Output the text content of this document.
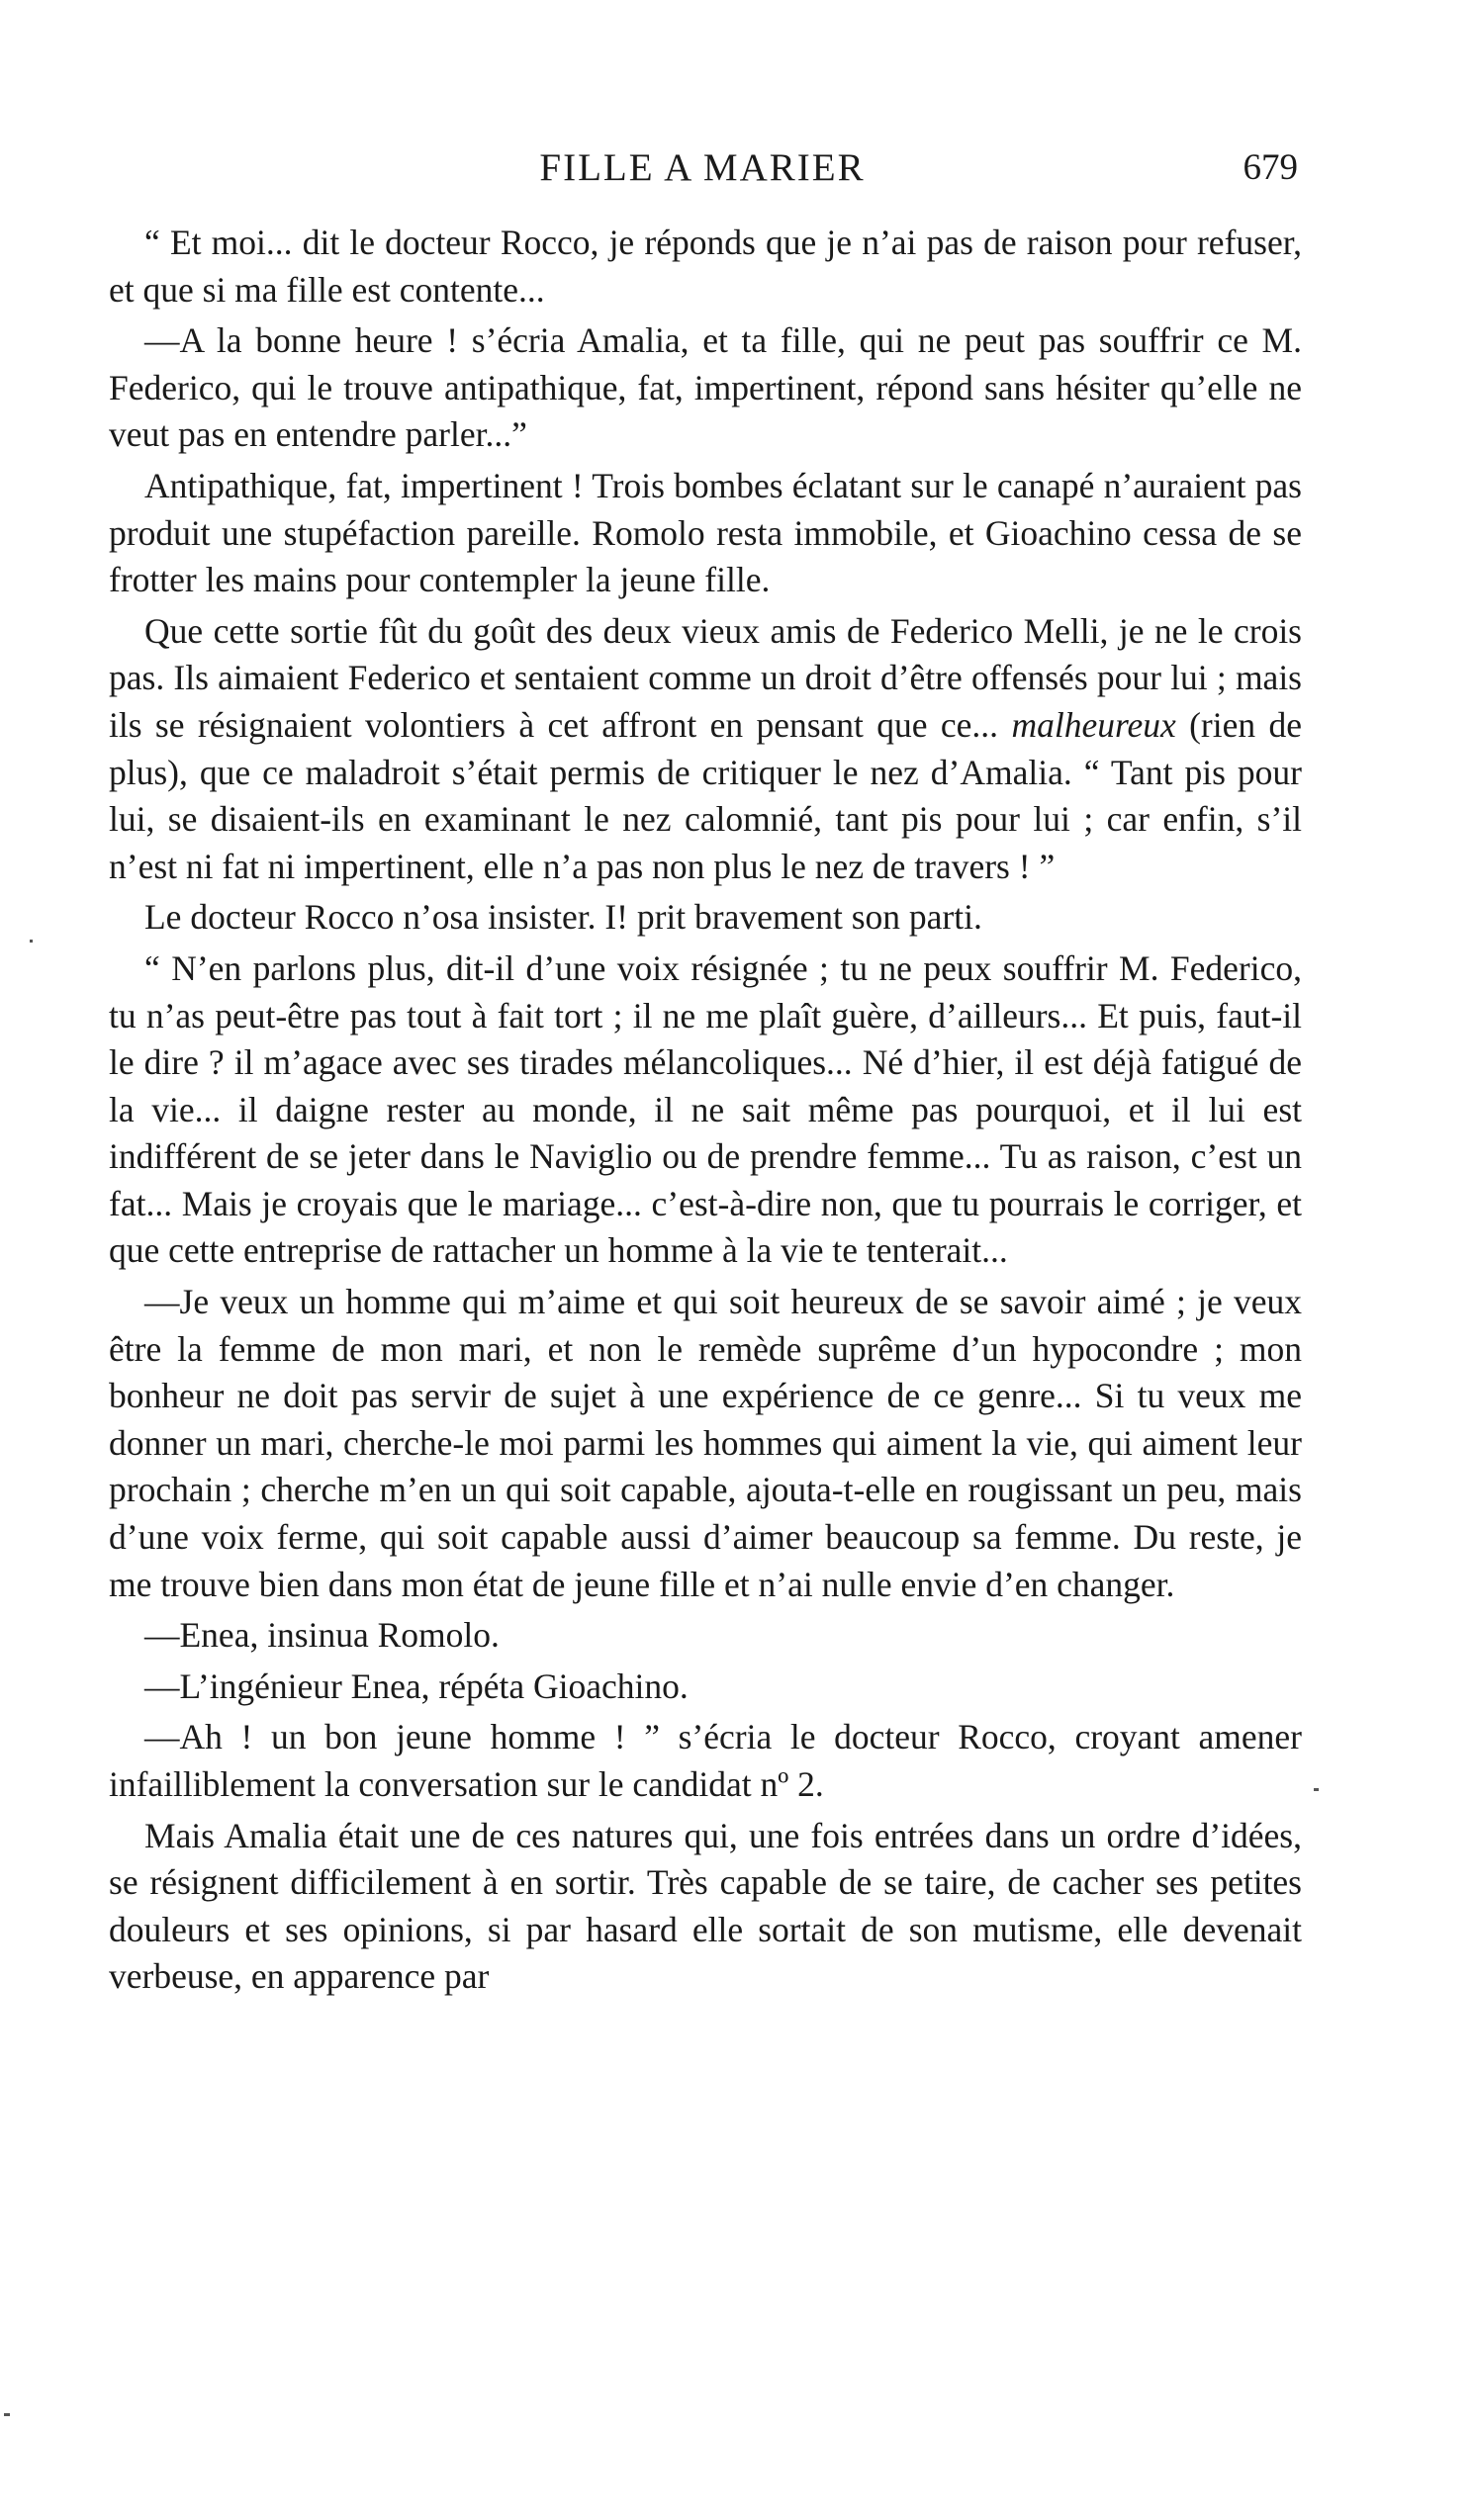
FILLE A MARIER	679

“ Et moi... dit le docteur Rocco, je réponds que je n’ai pas de raison pour refuser, et que si ma fille est contente...

—A la bonne heure ! s’écria Amalia, et ta fille, qui ne peut pas souffrir ce M. Federico, qui le trouve antipathique, fat, impertinent, répond sans hésiter qu’elle ne veut pas en entendre parler...”

Antipathique, fat, impertinent ! Trois bombes éclatant sur le canapé n’auraient pas produit une stupéfaction pareille. Romolo resta immobile, et Gioachino cessa de se frotter les mains pour contempler la jeune fille.

Que cette sortie fût du goût des deux vieux amis de Federico Melli, je ne le crois pas. Ils aimaient Federico et sentaient comme un droit d’être offensés pour lui ; mais ils se résignaient volontiers à cet affront en pensant que ce... malheureux (rien de plus), que ce maladroit s’était permis de critiquer le nez d’Amalia. “ Tant pis pour lui, se disaient-ils en examinant le nez calomnié, tant pis pour lui ; car enfin, s’il n’est ni fat ni impertinent, elle n’a pas non plus le nez de travers ! ”

Le docteur Rocco n’osa insister. I! prit bravement son parti.

“ N’en parlons plus, dit-il d’une voix résignée ; tu ne peux souffrir M. Federico, tu n’as peut-être pas tout à fait tort ; il ne me plaît guère, d’ailleurs... Et puis, faut-il le dire ? il m’agace avec ses tirades mélancoliques... Né d’hier, il est déjà fatigué de la vie... il daigne rester au monde, il ne sait même pas pourquoi, et il lui est indifférent de se jeter dans le Naviglio ou de prendre femme... Tu as raison, c’est un fat... Mais je croyais que le mariage... c’est-à-dire non, que tu pourrais le corriger, et que cette entreprise de rattacher un homme à la vie te tenterait...

—Je veux un homme qui m’aime et qui soit heureux de se savoir aimé ; je veux être la femme de mon mari, et non le remède suprême d’un hypocondre ; mon bonheur ne doit pas servir de sujet à une expérience de ce genre... Si tu veux me donner un mari, cherche-le moi parmi les hommes qui aiment la vie, qui aiment leur prochain ; cherche m’en un qui soit capable, ajouta-t-elle en rougissant un peu, mais d’une voix ferme, qui soit capable aussi d’aimer beaucoup sa femme. Du reste, je me trouve bien dans mon état de jeune fille et n’ai nulle envie d’en changer.

—Enea, insinua Romolo.

—L’ingénieur Enea, répéta Gioachino.

—Ah ! un bon jeune homme ! ” s’écria le docteur Rocco, croyant amener infailliblement la conversation sur le candidat nº 2.

Mais Amalia était une de ces natures qui, une fois entrées dans un ordre d’idées, se résignent difficilement à en sortir. Très capable de se taire, de cacher ses petites douleurs et ses opinions, si par hasard elle sortait de son mutisme, elle devenait verbeuse, en apparence par
